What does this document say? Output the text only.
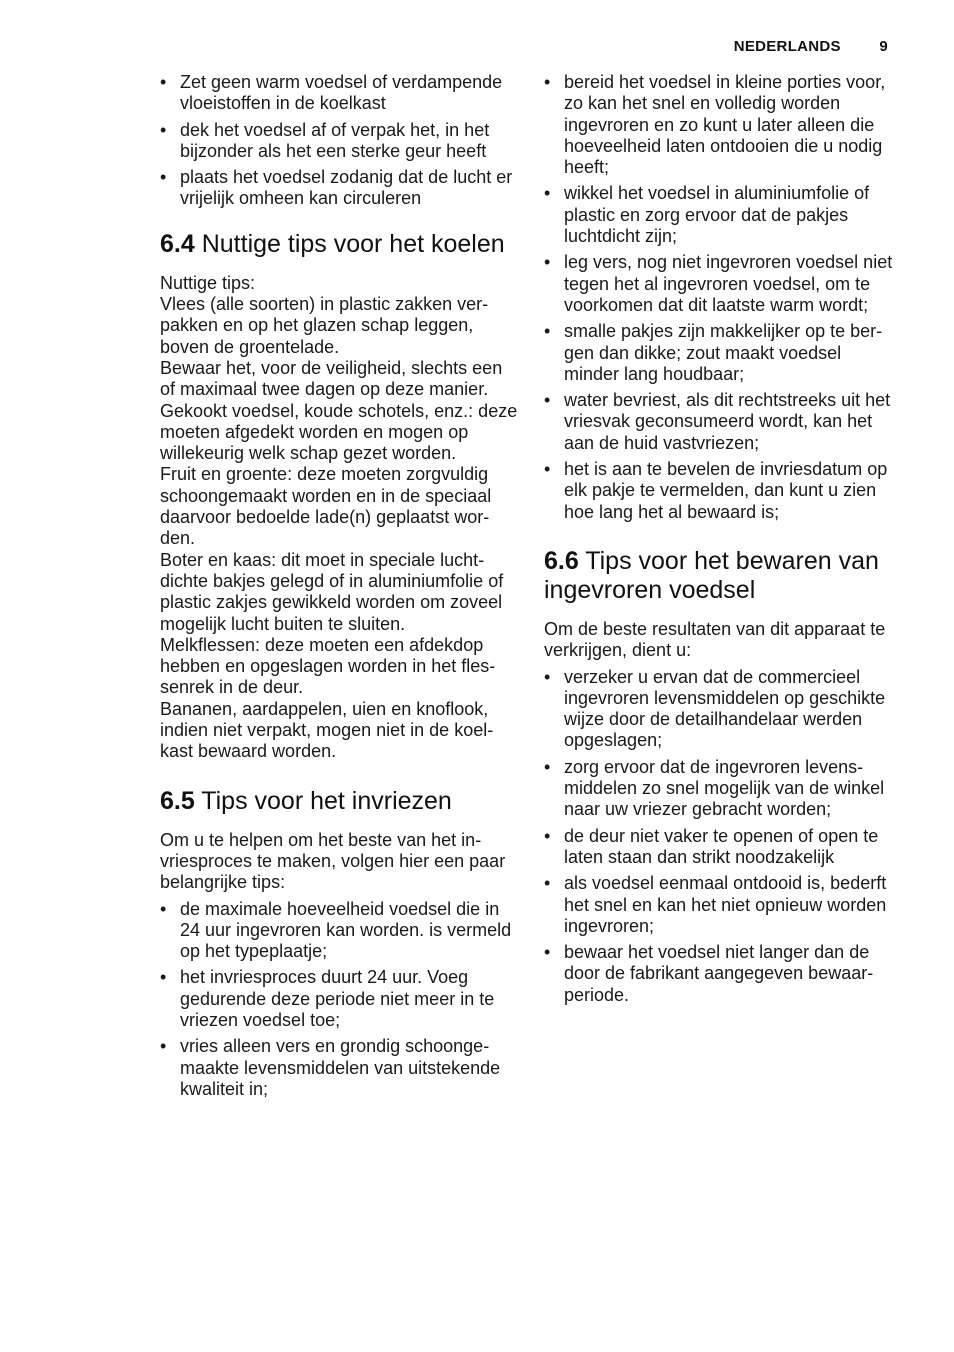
NEDERLANDS	9
• Zet geen warm voedsel of verdampende vloeistoffen in de koelkast
• dek het voedsel af of verpak het, in het bijzonder als het een sterke geur heeft
• plaats het voedsel zodanig dat de lucht er vrijelijk omheen kan circuleren
6.4 Nuttige tips voor het koelen

Nuttige tips:

Vlees (alle soorten) in plastic zakken verpakken en op het glazen schap leggen, boven de groentelade.

Bewaar het, voor de veiligheid, slechts een of maximaal twee dagen op deze manier.

Gekookt voedsel, koude schotels, enz.: deze moeten afgedekt worden en mogen op willekeurig welk schap gezet worden.

Fruit en groente: deze moeten zorgvuldig schoongemaakt worden en in de speciaal daarvoor bedoelde lade(n) geplaatst worden.

Boter en kaas: dit moet in speciale luchtdichte bakjes gelegd of in aluminiumfolie of plastic zakjes gewikkeld worden om zoveel mogelijk lucht buiten te sluiten.

Melkflessen: deze moeten een afdekdop hebben en opgeslagen worden in het flessenrek in de deur.

Bananen, aardappelen, uien en knoflook, indien niet verpakt, mogen niet in de koelkast bewaard worden.

6.5 Tips voor het invriezen

Om u te helpen om het beste van het invriesproces te maken, volgen hier een paar belangrijke tips:

• de maximale hoeveelheid voedsel die in 24 uur ingevroren kan worden. is vermeld op het typeplaatje;
• het invriesproces duurt 24 uur. Voeg gedurende deze periode niet meer in te vriezen voedsel toe;
• vries alleen vers en grondig schoongemaakte levensmiddelen van uitstekende kwaliteit in;
• bereid het voedsel in kleine porties voor, zo kan het snel en volledig worden ingevroren en zo kunt u later alleen die hoeveelheid laten ontdooien die u nodig heeft;
• wikkel het voedsel in aluminiumfolie of plastic en zorg ervoor dat de pakjes luchtdicht zijn;
• leg vers, nog niet ingevroren voedsel niet tegen het al ingevroren voedsel, om te voorkomen dat dit laatste warm wordt;
• smalle pakjes zijn makkelijker op te bergen dan dikke; zout maakt voedsel minder lang houdbaar;
• water bevriest, als dit rechtstreeks uit het vriesvak geconsumeerd wordt, kan het aan de huid vastvriezen;
• het is aan te bevelen de invriesdatum op elk pakje te vermelden, dan kunt u zien hoe lang het al bewaard is;
6.6 Tips voor het bewaren van ingevroren voedsel

Om de beste resultaten van dit apparaat te verkrijgen, dient u:

• verzeker u ervan dat de commercieel ingevroren levensmiddelen op geschikte wijze door de detailhandelaar werden opgeslagen;
• zorg ervoor dat de ingevroren levensmiddelen zo snel mogelijk van de winkel naar uw vriezer gebracht worden;
• de deur niet vaker te openen of open te laten staan dan strikt noodzakelijk
• als voedsel eenmaal ontdooid is, bederft het snel en kan het niet opnieuw worden ingevroren;
• bewaar het voedsel niet langer dan de door de fabrikant aangegeven bewaarperiode.
